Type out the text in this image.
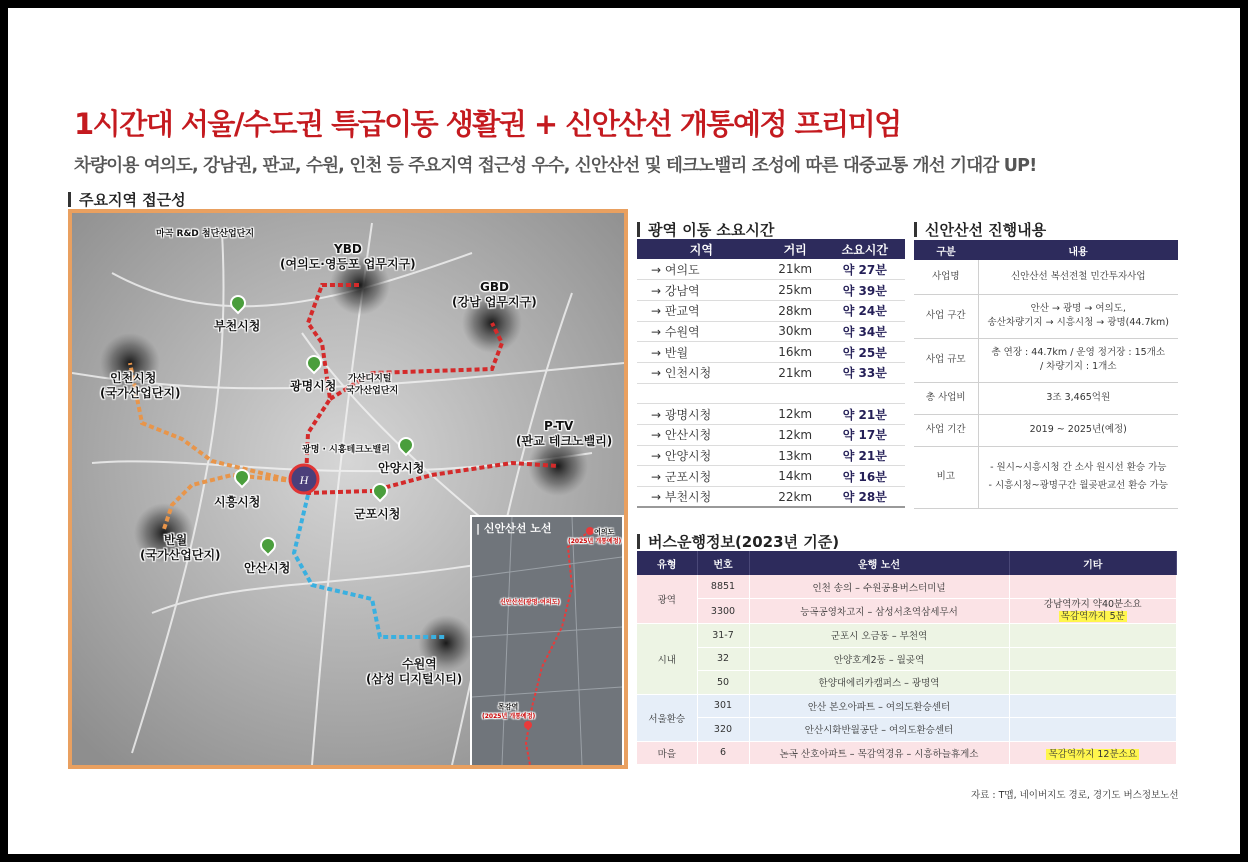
1시간대 서울/수도권 특급이동 생활권 + 신안산선 개통예정 프리미엄
차량이용 여의도, 강남권, 판교, 수원, 인천 등 주요지역 접근성 우수, 신안산선 및 테크노밸리 조성에 따른 대중교통 개선 기대감 UP!
주요지역 접근성
H
마곡 R&D 첨단산업단지
YBD
(여의도·영등포 업무지구)
GBD
(강남 업무지구)
부천시청
광명시청 가산디지털
국가산업단지
인천시청
(국가산업단지)
P-TV
(판교 테크노밸리)
광명 · 시흥테크노밸리
안양시청
시흥시청
군포시청
반월
(국가산업단지)
안산시청
수원역
(삼성 디지털시티)
| 신안산선 노선	여의도
(2025년 개통예정)
신안산선(광명-여의도)
목감역
(2025년 개통예정)
광역 이동 소요시간
지역	거리	소요시간
→ 여의도	21km	약 27분
→ 강남역	25km	약 39분
→ 판교역	28km	약 24분
→ 수원역	30km	약 34분
→ 반월	16km	약 25분
→ 인천시청	21km	약 33분

→ 광명시청	12km	약 21분
→ 안산시청	12km	약 17분
→ 안양시청	13km	약 21분
→ 군포시청	14km	약 16분
→ 부천시청	22km	약 28분
신안산선 진행내용
구분	내용
사업명	신안산선 복선전철 민간투자사업

사업 구간	안산 → 광명 → 여의도,
송산차량기지 → 시흥시청 → 광명(44.7km)

사업 규모	총 연장 : 44.7km / 운영 정거장 : 15개소
/ 차량기지 : 1개소

총 사업비	3조 3,465억원

사업 기간	2019 ~ 2025년(예정)

비고	- 원시~시흥시청 간 소사 원시선 환승 가능
- 시흥시청~광명구간 월곶판교선 환승 가능
버스운행정보(2023년 기준)
유형	번호	운행 노선	기타
광역	8851	인천 송의 – 수원공용버스터미널	
	3300	능곡공영차고지 – 삼성서초역삼세무서	강남역까지 약40분소요
목감역까지 5분
시내	31-7	군포시 오금동 – 부천역	
	32	안양호계2동 – 월곶역	
	50	한양대에리카캠퍼스 – 광명역	
서울환승	301	안산 본오아파트 – 여의도환승센터	
	320	안산시화반월공단 – 여의도환승센터	
마을	6	논곡 산호아파트 – 목감역경유 – 시흥하늘휴게소	목감역까지 12분소요
자료 : T맵, 네이버지도 경로, 경기도 버스정보노선
